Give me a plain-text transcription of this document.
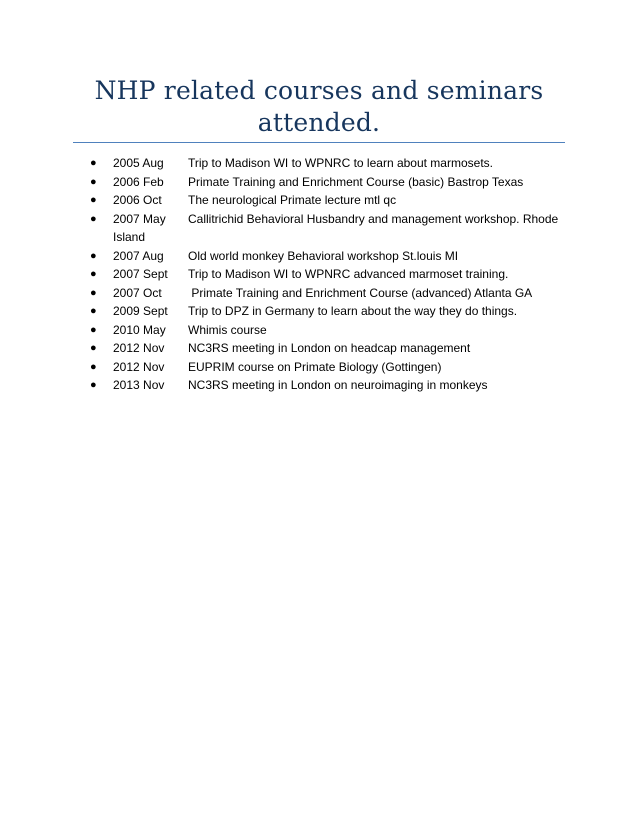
NHP related courses and seminars attended.
●	2005 Aug	Trip to Madison WI to WPNRC to learn about marmosets.
●	2006 Feb	Primate Training and Enrichment Course (basic) Bastrop Texas
●	2006 Oct	The neurological Primate lecture mtl qc
●	2007 May	Callitrichid Behavioral Husbandry and management workshop. Rhode
Island
●	2007 Aug	Old world monkey Behavioral workshop St.louis MI
●	2007 Sept	Trip to Madison WI to WPNRC advanced marmoset training.
●	2007 Oct	Primate Training and Enrichment Course (advanced) Atlanta GA
●	2009 Sept	Trip to DPZ in Germany to learn about the way they do things.
●	2010 May	Whimis course
●	2012 Nov	NC3RS meeting in London on headcap management
●	2012 Nov	EUPRIM course on Primate Biology (Gottingen)
●	2013 Nov	NC3RS meeting in London on neuroimaging in monkeys
